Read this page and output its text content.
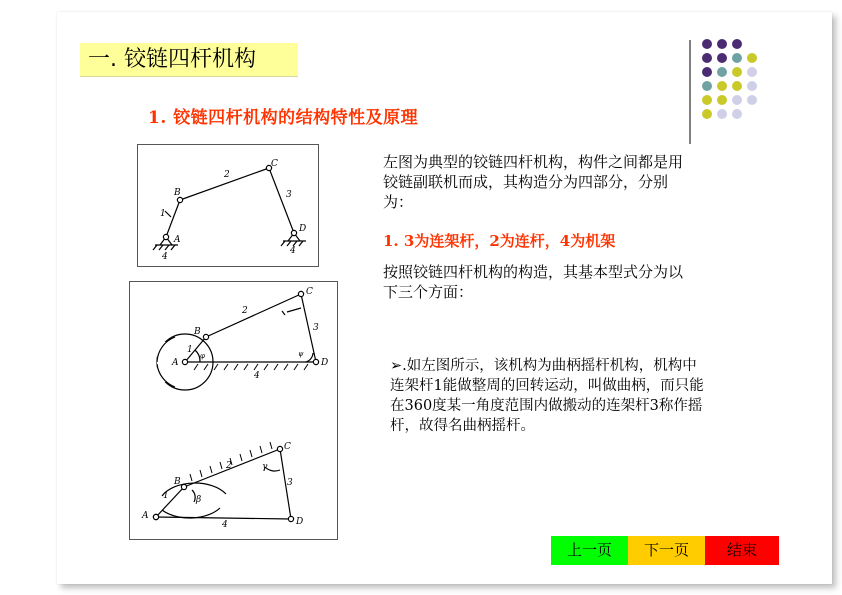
一. 铰链四杆机构
1. 铰链四杆机构的结构特性及原理
左图为典型的铰链四杆机构，构件之间都是用铰链副联机而成，其构造分为四部分，分别为：
1. 3为连架杆，2为连杆，4为机架
按照铰链四杆机构的构造，其基本型式分为以下三个方面：
➢.如左图所示，该机构为曲柄摇杆机构，机构中连架杆1能做整周的回转运动，叫做曲柄，而只能在360度某一角度范围内做搬动的连架杆3称作摇杆，故得名曲柄摇杆。
A
B
C
D
1
2
3
4
4
A
B
C
D
1
2
3
4
φ	ψ
A
B
C
D
1
2
3
4
β
γ
上一页	下一页	结束
